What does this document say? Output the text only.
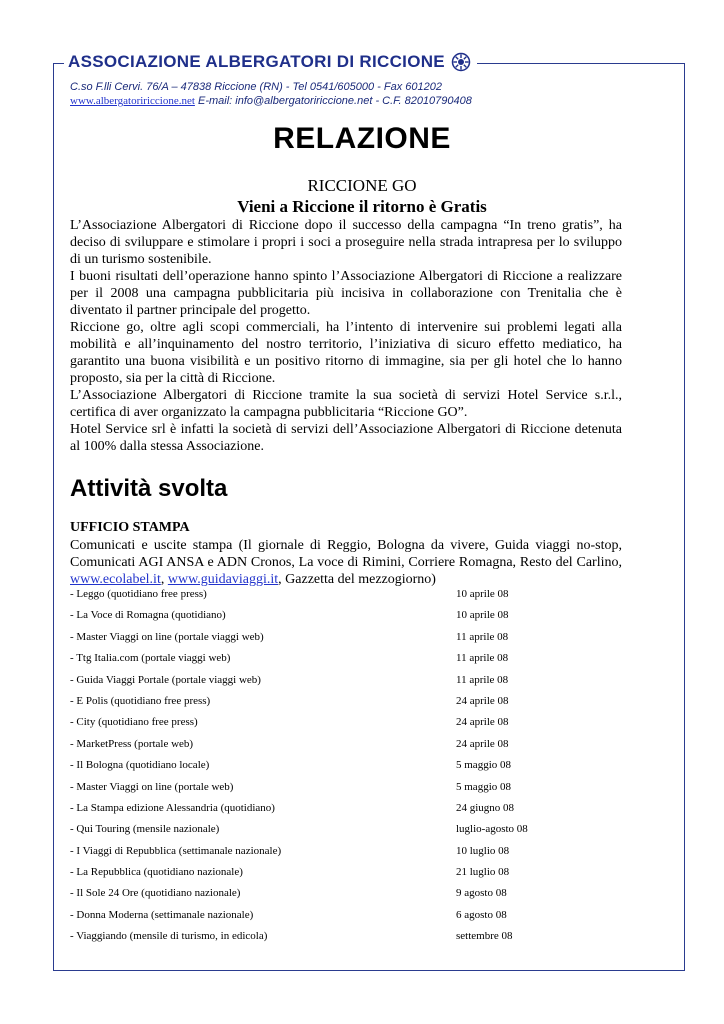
ASSOCIAZIONE ALBERGATORI DI RICCIONE
C.so F.lli Cervi. 76/A – 47838 Riccione (RN) - Tel 0541/605000 - Fax 601202
www.albergatoririccione.net E-mail: info@albergatoririccione.net - C.F. 82010790408
RELAZIONE
RICCIONE GO
Vieni a Riccione il ritorno è Gratis

L’Associazione Albergatori di Riccione dopo il successo della campagna “In treno gratis”, ha deciso di sviluppare e stimolare i propri i soci a proseguire nella strada intrapresa per lo sviluppo di un turismo sostenibile.

I buoni risultati dell’operazione hanno spinto l’Associazione Albergatori di Riccione a realizzare per il 2008 una campagna pubblicitaria più incisiva in collaborazione con Trenitalia che è diventato il partner principale del progetto.

Riccione go, oltre agli scopi commerciali, ha l’intento di intervenire sui problemi legati alla mobilità e all’inquinamento del nostro territorio, l’iniziativa di sicuro effetto mediatico, ha garantito una buona visibilità e un positivo ritorno di immagine, sia per gli hotel che lo hanno proposto, sia per la città di Riccione.

L’Associazione Albergatori di Riccione tramite la sua società di servizi Hotel Service s.r.l., certifica di aver organizzato la campagna pubblicitaria “Riccione GO”.

Hotel Service srl è infatti la società di servizi dell’Associazione Albergatori di Riccione detenuta al 100% dalla stessa Associazione.

Attività svolta
UFFICIO STAMPA
Comunicati e uscite stampa (Il giornale di Reggio, Bologna da vivere, Guida viaggi no-stop, Comunicati AGI ANSA e ADN Cronos, La voce di Rimini, Corriere Romagna, Resto del Carlino, www.ecolabel.it, www.guidaviaggi.it, Gazzetta del mezzogiorno)
- Leggo (quotidiano free press)	10 aprile 08
- La Voce di Romagna (quotidiano)	10 aprile 08
- Master Viaggi on line (portale viaggi web)	11 aprile 08
- Ttg Italia.com (portale viaggi web)	11 aprile 08
- Guida Viaggi Portale (portale viaggi web)	11 aprile 08
- E Polis (quotidiano free press)	24 aprile 08
- City (quotidiano free press)	24 aprile 08
- MarketPress (portale web)	24 aprile 08
- Il Bologna (quotidiano locale)	5 maggio 08
- Master Viaggi on line (portale web)	5 maggio 08
- La Stampa edizione Alessandria (quotidiano)	24 giugno 08
- Qui Touring (mensile nazionale)	luglio-agosto 08
- I Viaggi di Repubblica (settimanale nazionale)	10 luglio 08
- La Repubblica (quotidiano nazionale)	21 luglio 08
- Il Sole 24 Ore (quotidiano nazionale)	9 agosto 08
- Donna Moderna (settimanale nazionale)	6 agosto 08
- Viaggiando (mensile di turismo, in edicola)	settembre 08
